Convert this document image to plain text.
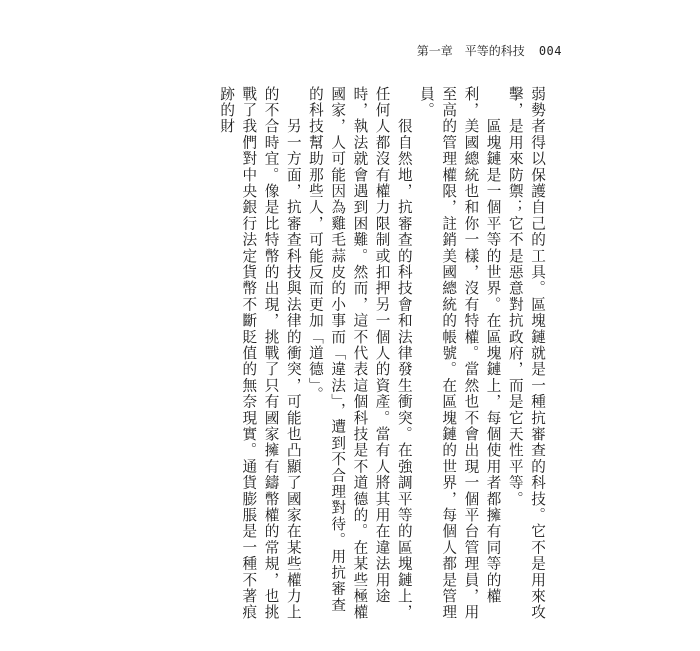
第一章　平等的科技 004

弱勢者得以保護自己的工具。區塊鏈就是一種抗審查的科技。它不是用來攻擊，是用來防禦；它不是惡意對抗政府，而是它天性平等。

　　區塊鏈是一個平等的世界。在區塊鏈上，每個使用者都擁有同等的權利，美國總統也和你一樣，沒有特權。當然也不會出現一個平台管理員，用至高的管理權限，註銷美國總統的帳號。在區塊鏈的世界，每個人都是管理員。

　　很自然地，抗審查的科技會和法律發生衝突。在強調平等的區塊鏈上，任何人都沒有權力限制或扣押另一個人的資產。當有人將其用在違法用途時，執法就會遇到困難。然而，這不代表這個科技是不道德的。在某些極權國家，人可能因為雞毛蒜皮的小事而「違法」，遭到不合理對待。用抗審查的科技幫助那些人，可能反而更加「道德」。

　　另一方面，抗審查科技與法律的衝突，可能也凸顯了國家在某些權力上的不合時宜。像是比特幣的出現，挑戰了只有國家擁有鑄幣權的常規，也挑戰了我們對中央銀行法定貨幣不斷貶值的無奈現實。通貨膨脹是一種不著痕跡的財
